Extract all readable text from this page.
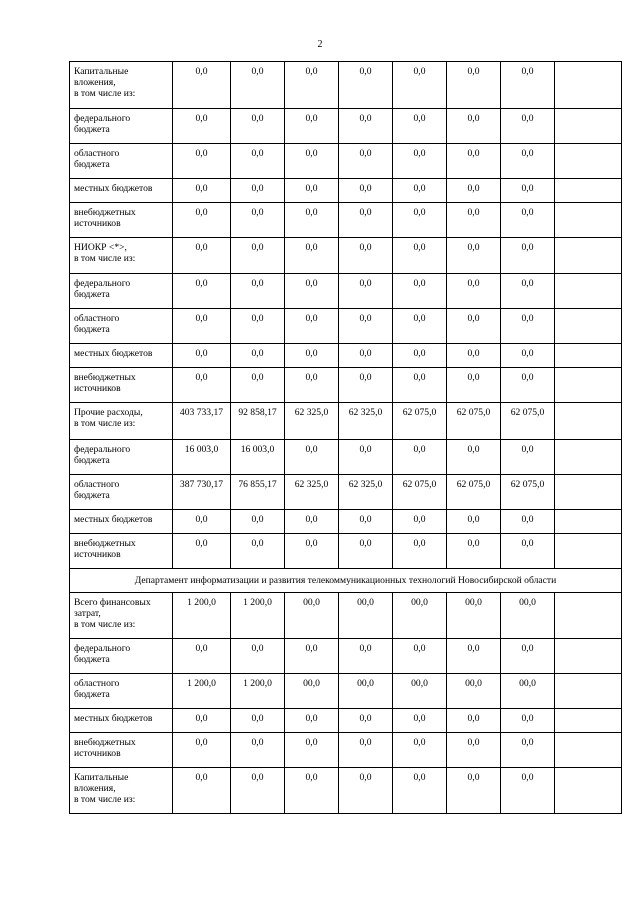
2
Капитальные
вложения,
в том числе из:	0,0	0,0	0,0	0,0	0,0	0,0	0,0	
федерального
бюджета	0,0	0,0	0,0	0,0	0,0	0,0	0,0	
областного
бюджета	0,0	0,0	0,0	0,0	0,0	0,0	0,0	
местных бюджетов	0,0	0,0	0,0	0,0	0,0	0,0	0,0	
внебюджетных
источников	0,0	0,0	0,0	0,0	0,0	0,0	0,0	
НИОКР <*>,
в том числе из:	0,0	0,0	0,0	0,0	0,0	0,0	0,0	
федерального
бюджета	0,0	0,0	0,0	0,0	0,0	0,0	0,0	
областного
бюджета	0,0	0,0	0,0	0,0	0,0	0,0	0,0	
местных бюджетов	0,0	0,0	0,0	0,0	0,0	0,0	0,0	
внебюджетных
источников	0,0	0,0	0,0	0,0	0,0	0,0	0,0	
Прочие расходы,
в том числе из:	403 733,17	92 858,17	62 325,0	62 325,0	62 075,0	62 075,0	62 075,0	
федерального
бюджета	16 003,0	16 003,0	0,0	0,0	0,0	0,0	0,0	
областного
бюджета	387 730,17	76 855,17	62 325,0	62 325,0	62 075,0	62 075,0	62 075,0	
местных бюджетов	0,0	0,0	0,0	0,0	0,0	0,0	0,0	
внебюджетных
источников	0,0	0,0	0,0	0,0	0,0	0,0	0,0	
Департамент информатизации и развития телекоммуникационных технологий Новосибирской области								
Всего финансовых
затрат,
в том числе из:	1 200,0	1 200,0	00,0	00,0	00,0	00,0	00,0	
федерального
бюджета	0,0	0,0	0,0	0,0	0,0	0,0	0,0	
областного
бюджета	1 200,0	1 200,0	00,0	00,0	00,0	00,0	00,0	
местных бюджетов	0,0	0,0	0,0	0,0	0,0	0,0	0,0	
внебюджетных
источников	0,0	0,0	0,0	0,0	0,0	0,0	0,0	
Капитальные
вложения,
в том числе из:	0,0	0,0	0,0	0,0	0,0	0,0	0,0	
